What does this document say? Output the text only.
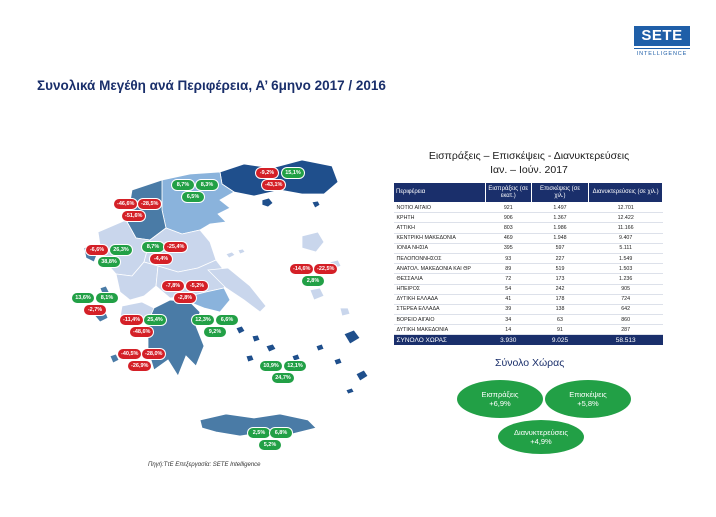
SETE
INTELLIGENCE
Συνολικά Μεγέθη ανά Περιφέρεια, Α’ 6μηνο 2017 / 2016
-9,2%	15,1%
-43,1%
-46,6%	-28,5%
-51,6%
8,7%	8,3%
6,5%
-6,6%	26,3%
38,8%
8,7%	-25,4%
-4,4%
-14,6%	-22,5%
2,8%
13,6%	8,1%
-2,7%
-7,8%	-5,2%
-2,8%
-11,4%	25,4%
-48,6%
12,3%	6,6%
9,2%
-40,5%	-28,0%
-26,9%	10,9%	12,1%
24,7%
2,5%	6,8%
5,2%
Πηγή:ΤτΕ Επεξεργασία: SETE Intelligence
Εισπράξεις – Επισκέψεις - Διανυκτερεύσεις
Ιαν. – Ιούν. 2017
Περιφέρεια	Εισπράξεις (σε εκατ.)	Επισκέψεις (σε χιλ.)	Διανυκτερεύσεις (σε χιλ.)
ΝΟΤΙΟ ΑΙΓΑΙΟ	921	1.497	12.701
ΚΡΗΤΗ	906	1.367	12.422
ΑΤΤΙΚΗ	803	1.986	11.166
ΚΕΝΤΡΙΚΗ ΜΑΚΕΔΟΝΙΑ	469	1.948	9.407
ΙΟΝΙΑ ΝΗΣΙΑ	395	597	5.111
ΠΕΛΟΠΟΝΝΗΣΟΣ	93	227	1.549
ΑΝΑΤΟΛ. ΜΑΚΕΔΟΝΙΑ ΚΑΙ ΘΡ	89	519	1.503
ΘΕΣΣΑΛΙΑ	72	173	1.236
ΗΠΕΙΡΟΣ	54	242	905
ΔΥΤΙΚΗ ΕΛΛΑΔΑ	41	178	724
ΣΤΕΡΕΑ ΕΛΛΑΔΑ	39	138	642
ΒΟΡΕΙΟ ΑΙΓΑΙΟ	34	63	860
ΔΥΤΙΚΗ ΜΑΚΕΔΟΝΙΑ	14	91	287
ΣΥΝΟΛΟ ΧΩΡΑΣ	3.930	9.025	58.513
Σύνολο Χώρας
Εισπράξεις
+6,9%
Επισκέψεις
+5,8%
Διανυκτερεύσεις
+4,9%
